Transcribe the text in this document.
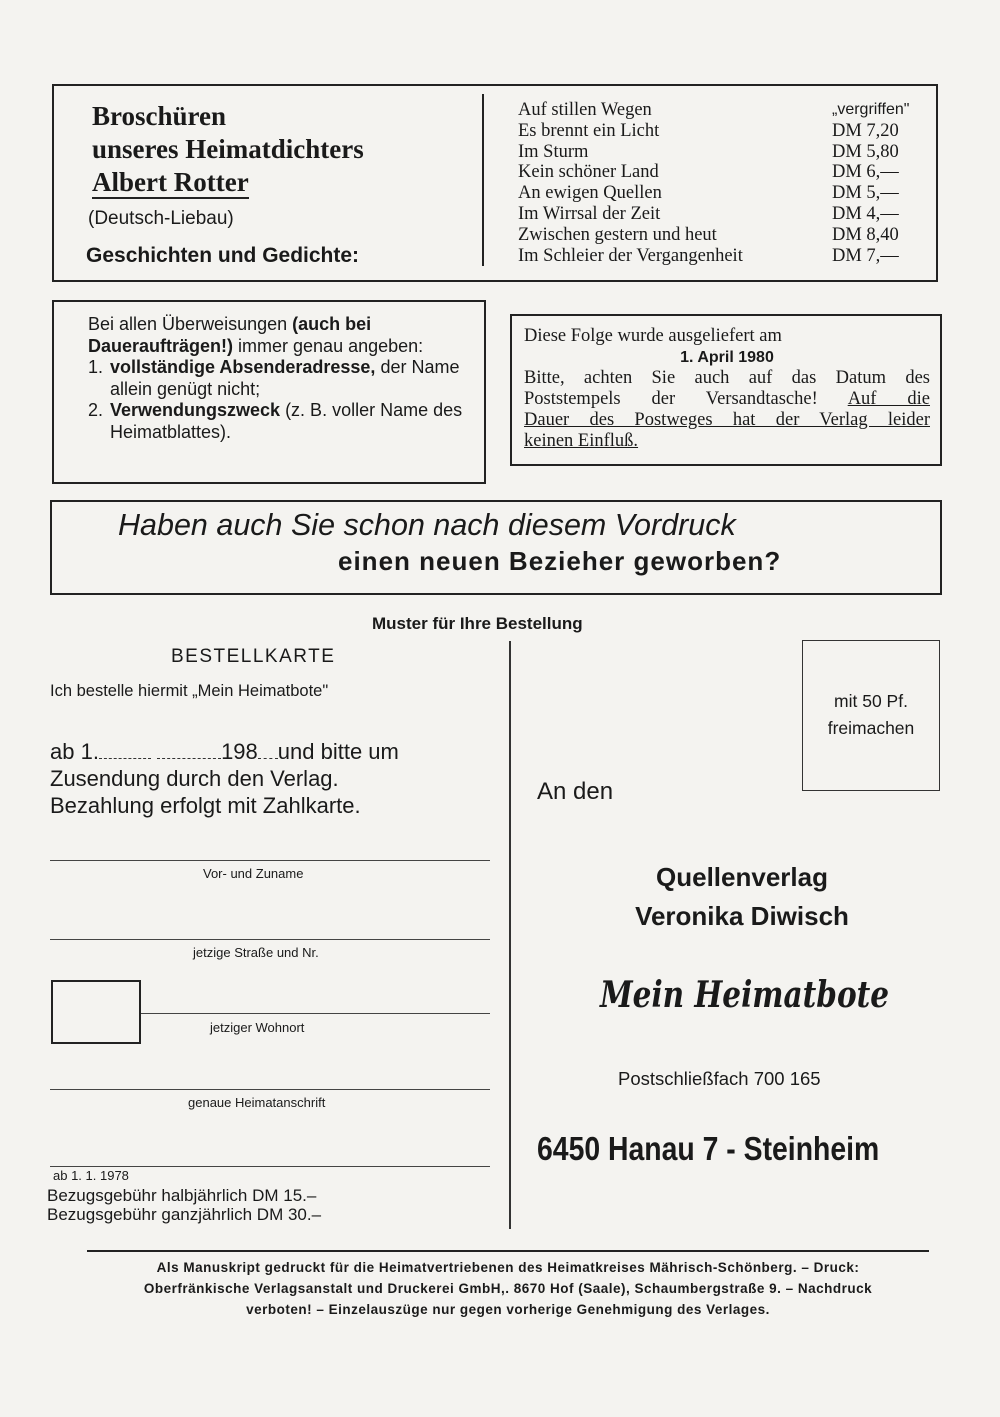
Broschüren
unseres Heimatdichters
Albert Rotter
(Deutsch-Liebau)
Geschichten und Gedichte:
Auf stillen Wegen	„vergriffen"
Es brennt ein Licht	DM 7,20
Im Sturm	DM 5,80
Kein schöner Land	DM 6,—
An ewigen Quellen	DM 5,—
Im Wirrsal der Zeit	DM 4,—
Zwischen gestern und heut	DM 8,40
Im Schleier der Vergangenheit	DM 7,—
Bei allen Überweisungen (auch bei Daueraufträgen!) immer genau angeben:
1. vollständige Absenderadresse, der Name allein genügt nicht;
2. Verwendungszweck (z. B. voller Name des Heimatblattes).
Diese Folge wurde ausgeliefert am
1. April 1980
Bitte, achten Sie auch auf das Datum des
Poststempels der Versandtasche! Auf die
Dauer des Postweges hat der Verlag leider
keinen Einfluß.
Haben auch Sie schon nach diesem Vordruck
einen neuen Bezieher geworben?
Muster für Ihre Bestellung
BESTELLKARTE
Ich bestelle hiermit „Mein Heimatbote"
ab 1.	198 und bitte um
Zusendung durch den Verlag.
Bezahlung erfolgt mit Zahlkarte.
Vor- und Zuname
jetzige Straße und Nr.
jetziger Wohnort
genaue Heimatanschrift
ab 1. 1. 1978
Bezugsgebühr halbjährlich DM 15.–
Bezugsgebühr ganzjährlich DM 30.–
mit 50 Pf.
freimachen
An den
Quellenverlag
Veronika Diwisch
Mein Heimatbote
Postschließfach 700 165
6450 Hanau 7 - Steinheim
Als Manuskript gedruckt für die Heimatvertriebenen des Heimatkreises Mährisch-Schönberg. – Druck:
Oberfränkische Verlagsanstalt und Druckerei GmbH,. 8670 Hof (Saale), Schaumbergstraße 9. – Nachdruck
verboten! – Einzelauszüge nur gegen vorherige Genehmigung des Verlages.
